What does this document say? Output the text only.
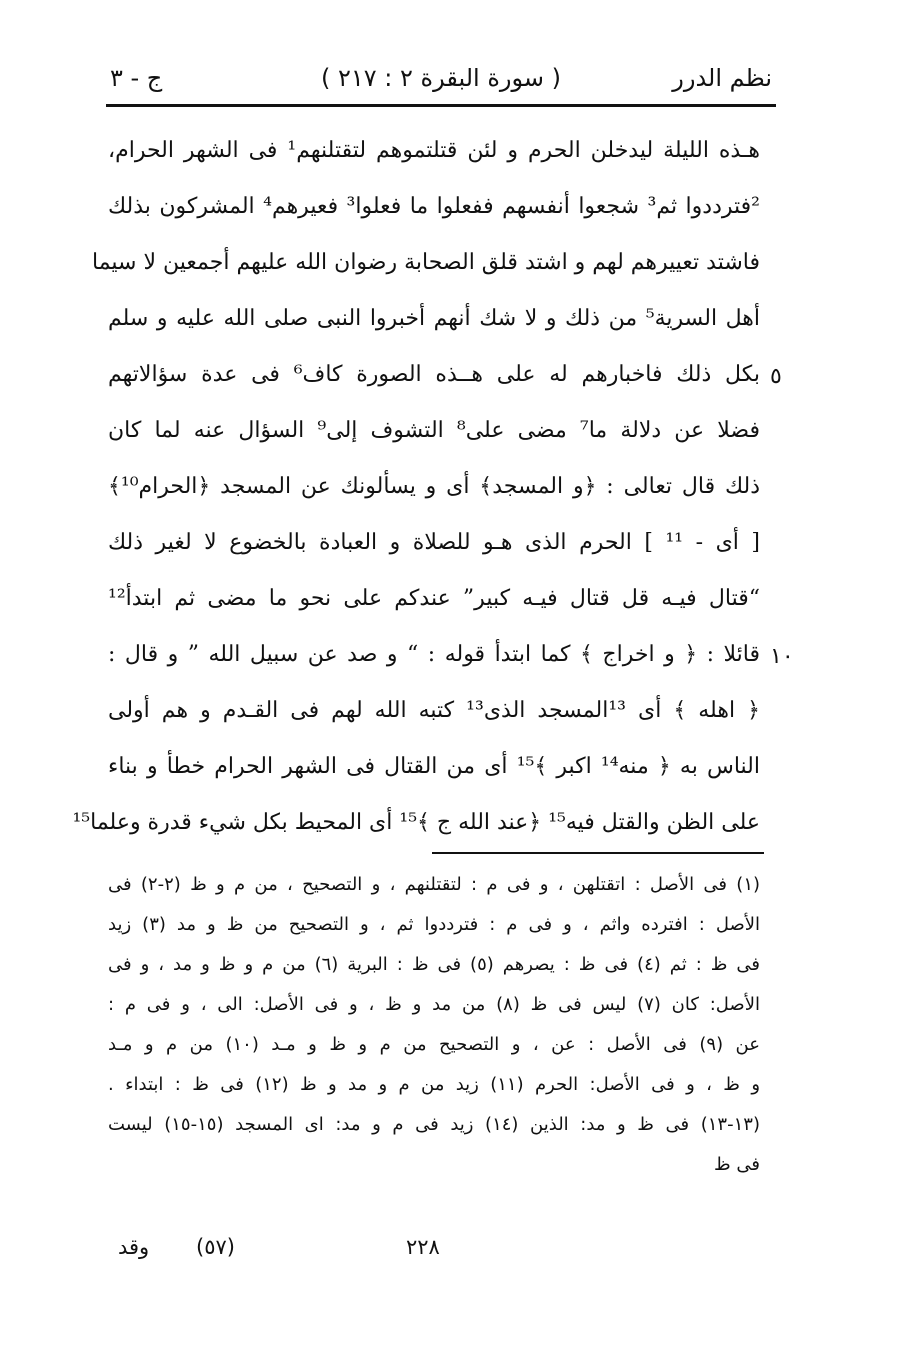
نظم الدرر
( سورة البقرة ٢ : ٢١٧ )
ج - ٣
هـذه الليلة ليدخلن الحرم و لئن قتلتموهم لتقتلنهم¹ فى الشهر الحرام،
²فترددوا ثم³ شجعوا أنفسهم ففعلوا ما فعلوا³ فعيرهم⁴ المشركون بذلك
فاشتد تعييرهم لهم و اشتد قلق الصحابة رضوان الله عليهم أجمعين لا سيما
أهل السرية⁵ من ذلك و لا شك أنهم أخبروا النبى صلى الله عليه و سلم
بكل ذلك فاخبارهم له على هــذه الصورة كاف⁶ فى عدة سؤالاتهم
فضلا عن دلالة ما⁷ مضى على⁸ التشوف إلى⁹ السؤال عنه لما كان
ذلك قال تعالى : ﴿و المسجد﴾ أى و يسألونك عن المسجد ﴿الحرام¹⁰﴾
[ أى - ¹¹ ] الحرم الذى هـو للصلاة و العبادة بالخضوع لا لغير ذلك
“قتال فيـه قل قتال فيـه كبير” عندكم على نحو ما مضى ثم ابتدأ¹²
قائلا : ﴿ و اخراج ﴾ كما ابتدأ قوله : “ و صد عن سبيل الله ” و قال :
﴿ اهله ﴾ أى ¹³المسجد الذى¹³ كتبه الله لهم فى القـدم و هم أولى
الناس به ﴿ منه¹⁴ اكبر ﴾¹⁵ أى من القتال فى الشهر الحرام خطأ و بناء
على الظن والقتل فيه¹⁵ ﴿عند الله ج ﴾¹⁵ أى المحيط بكل شيء قدرة وعلما¹⁵
٥
١٠
(١) فى الأصل : اتقتلهن ، و فى م : لتقتلنهم ، و التصحيح ، من م و ظ (٢-٢) فى
الأصل : افترده واثم ، و فى م : فترددوا ثم ، و التصحيح من ظ و مد (٣) زيد
فى ظ : ثم (٤) فى ظ : يصرهم (٥) فى ظ : البرية (٦) من م و ظ و مد ، و فى
الأصل: كان (٧) ليس فى ظ (٨) من مد و ظ ، و فى الأصل: الى ، و فى م :
عن (٩) فى الأصل : عن ، و التصحيح من م و ظ و مـد (١٠) من م و مـد
و ظ ، و فى الأصل: الحرم (١١) زيد من م و مد و ظ (١٢) فى ظ : ابتداء .
(١٣-١٣) فى ظ و مد: الذين (١٤) زيد فى م و مد: اى المسجد (١٥-١٥) ليست
فى ظ
وقد (٥٧)	٢٢٨
